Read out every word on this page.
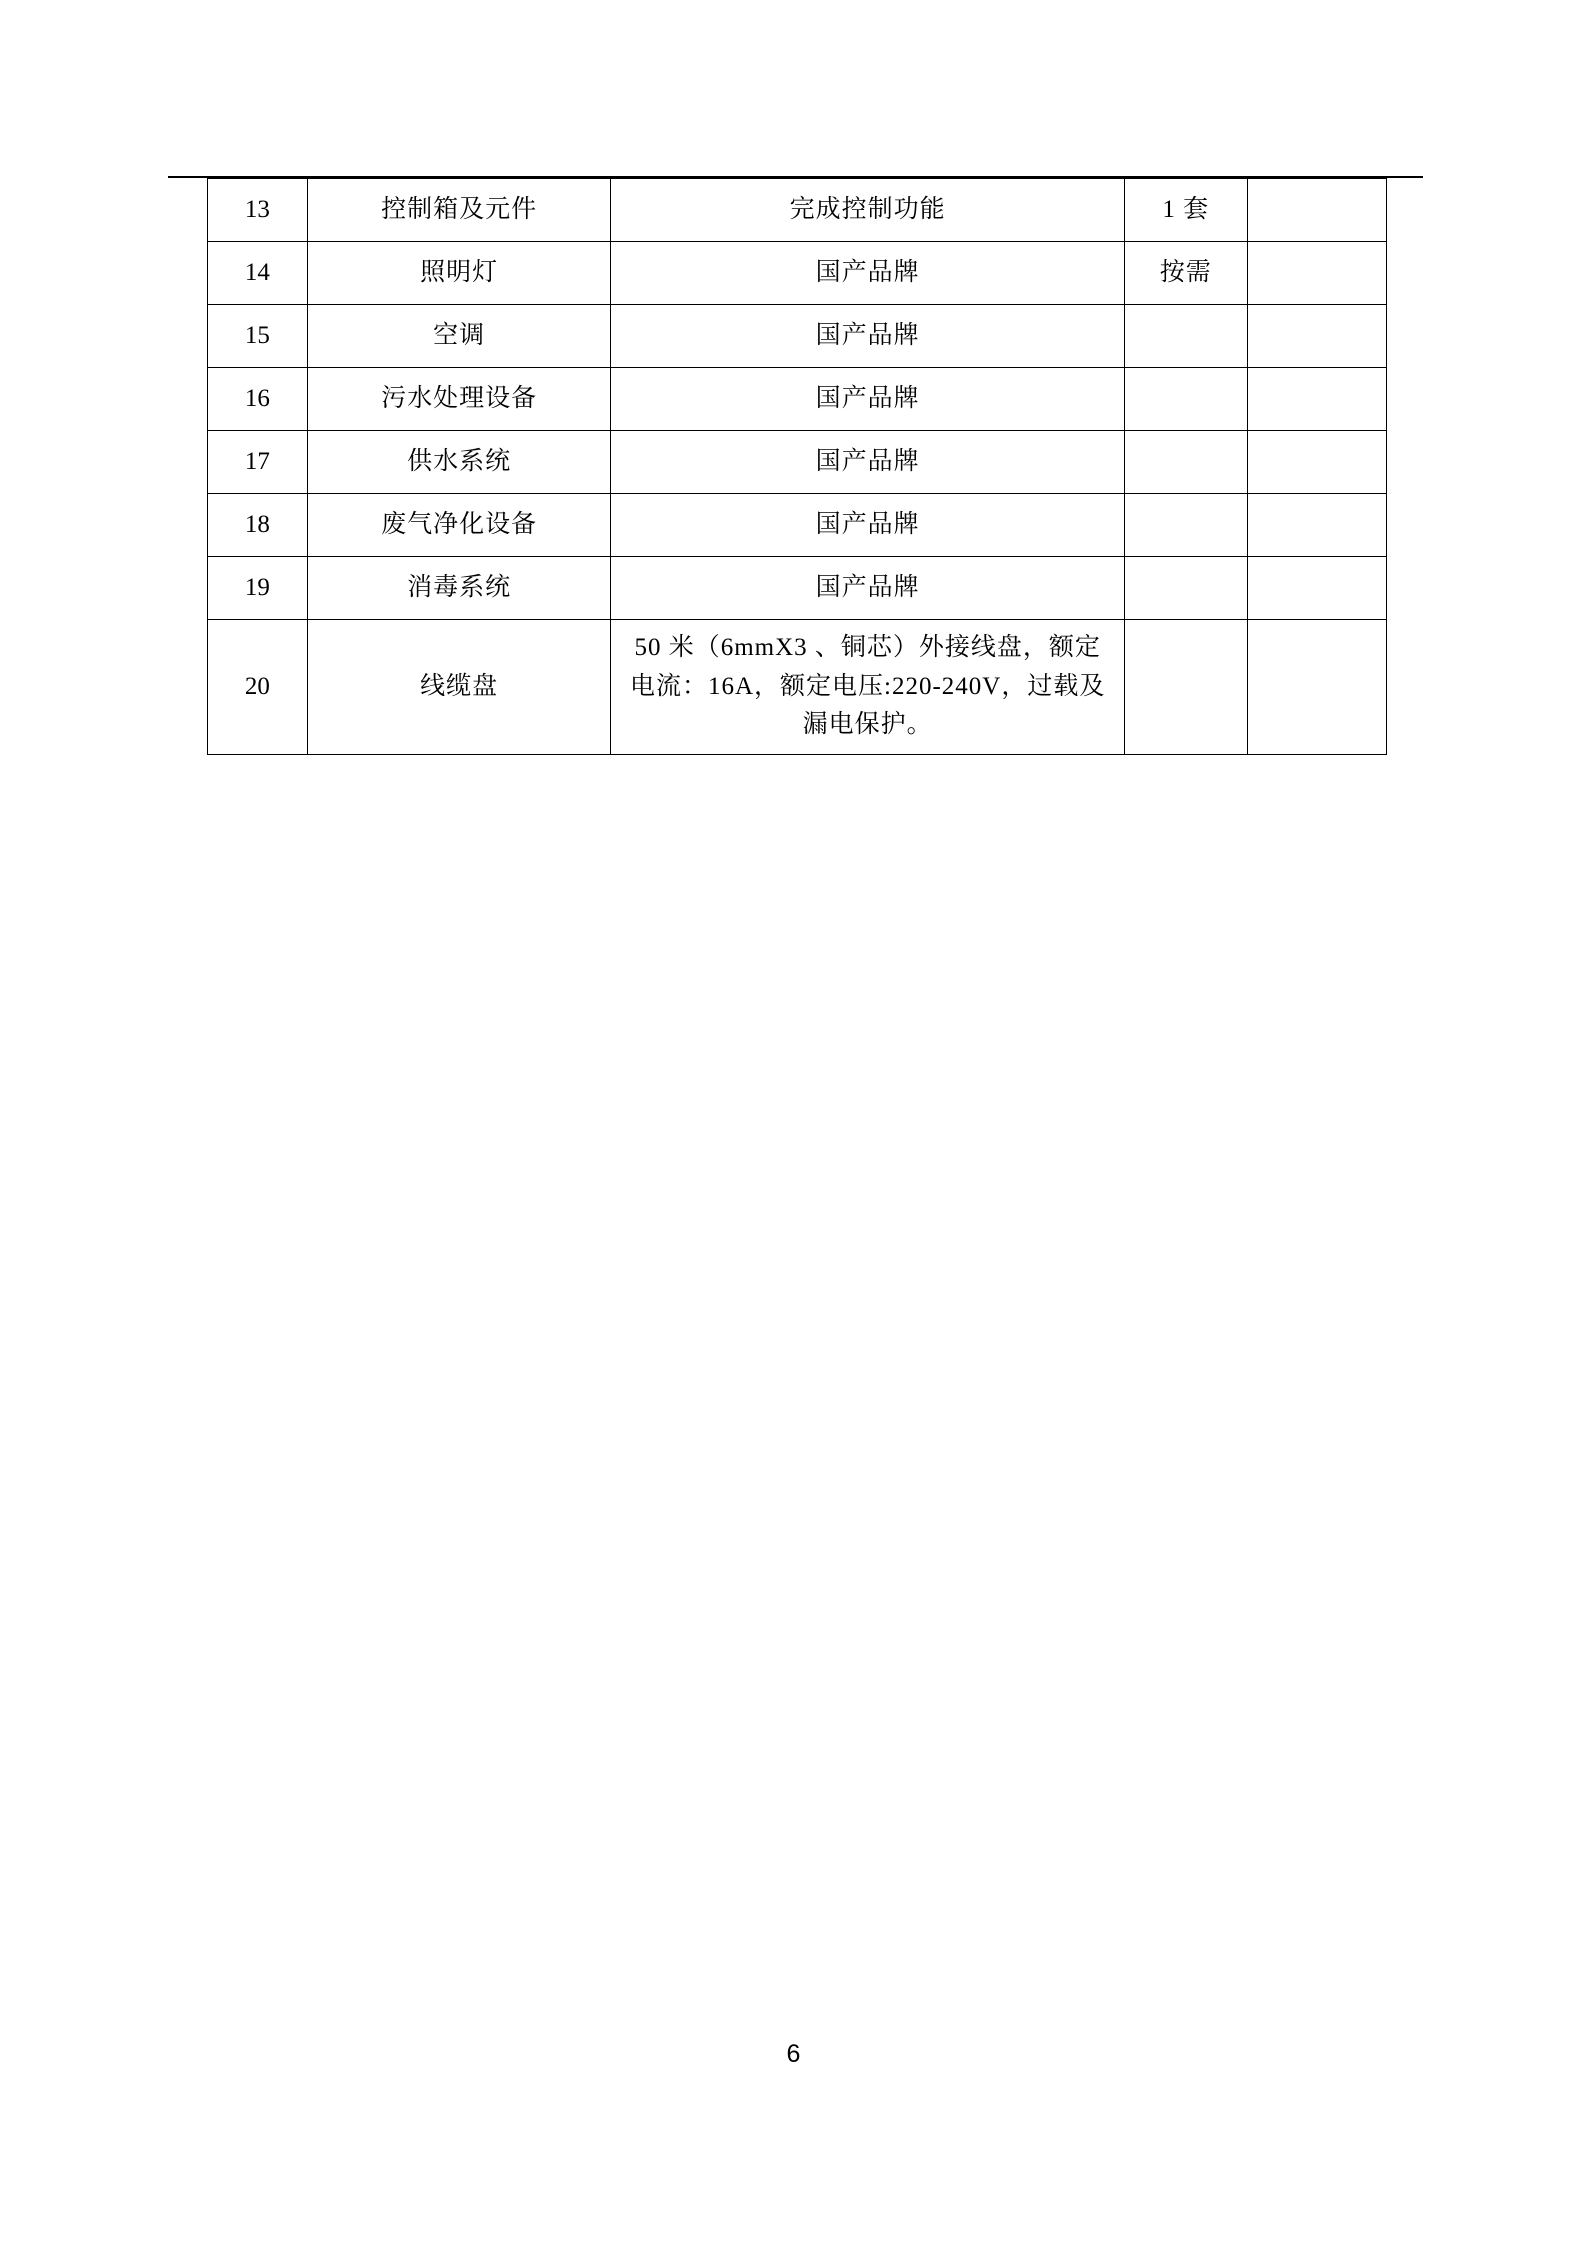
13	控制箱及元件	完成控制功能	1 套	
14	照明灯	国产品牌	按需	
15	空调	国产品牌		
16	污水处理设备	国产品牌		
17	供水系统	国产品牌		
18	废气净化设备	国产品牌		
19	消毒系统	国产品牌		
20	线缆盘	50 米（6mmX3 、铜芯）外接线盘，额定电流：16A，额定电压:220-240V，过载及漏电保护。		
6
